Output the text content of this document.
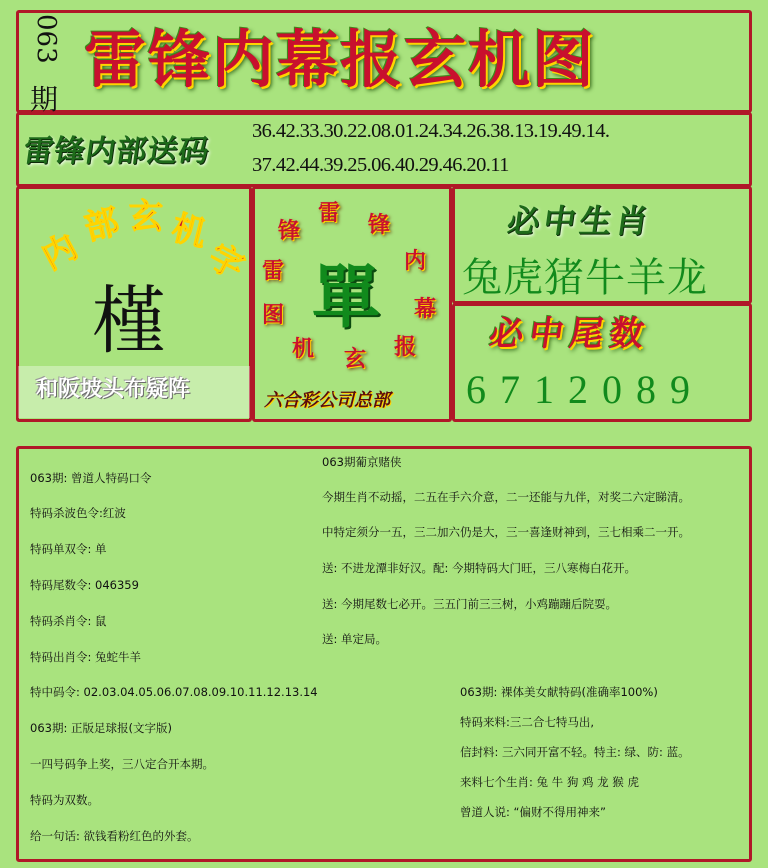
063
期
雷锋内幕报玄机图
雷锋内部送码
36.42.33.30.22.08.01.24.34.26.38.13.19.49.14.
37.42.44.39.25.06.40.29.46.20.11
内
部 玄 机
字
槿
和阪坡头布疑阵
雷 锋
内
幕
报
玄
机
图
雷
锋
單
六合彩公司总部
必中生肖
兔虎猪牛羊龙
必中尾数
6712089
063期葡京赌侠
063期: 曾道人特码口令
特码杀波色令:红波
特码单双令: 单
特码尾数令: 046359
特码杀肖令: 鼠
特码出肖令: 兔蛇牛羊
今期生肖不动摇，二五在手六介意，二一还能与九伴，对奖二六定睇清。
中特定须分一五，三二加六仍是大，三一喜逢财神到，三七相乘二一开。
送: 不进龙潭非好汉。配: 今期特码大门旺，三八寒梅白花开。
送: 今期尾数七必开。三五门前三三树，小鸡蹦蹦后院耍。
送: 单定局。
特中码令: 02.03.04.05.06.07.08.09.10.11.12.13.14
063期: 正版足球报(文字版)
一四号码争上奖，三八定合开本期。
特码为双数。
给一句话: 欲钱看粉红色的外套。
063期: 裸体美女献特码(准确率100%)
特码来料:三二合七特马出,
信封料: 三六同开富不轻。特主: 绿、防: 蓝。
来料七个生肖: 兔 牛 狗 鸡 龙 猴 虎
曾道人说: “偏财不得用神来”
